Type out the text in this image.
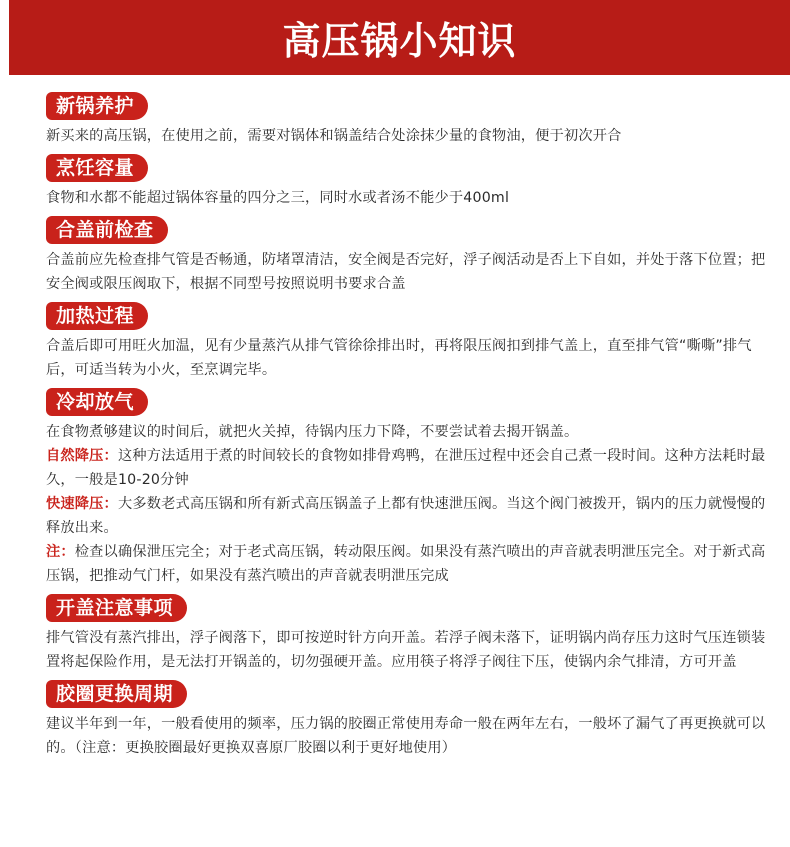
高压锅小知识
新锅养护

新买来的高压锅，在使用之前，需要对锅体和锅盖结合处涂抹少量的食物油，便于初次开合

烹饪容量

食物和水都不能超过锅体容量的四分之三，同时水或者汤不能少于400ml

合盖前检查

合盖前应先检查排气管是否畅通，防堵罩清洁，安全阀是否完好，浮子阀活动是否上下自如，并处于落下位置；把安全阀或限压阀取下，根据不同型号按照说明书要求合盖

加热过程

合盖后即可用旺火加温，见有少量蒸汽从排气管徐徐排出时，再将限压阀扣到排气盖上，直至排气管“嘶嘶”排气后，可适当转为小火，至烹调完毕。

冷却放气

在食物煮够建议的时间后，就把火关掉，待锅内压力下降，不要尝试着去揭开锅盖。

自然降压：这种方法适用于煮的时间较长的食物如排骨鸡鸭，在泄压过程中还会自己煮一段时间。这种方法耗时最久，一般是10-20分钟

快速降压：大多数老式高压锅和所有新式高压锅盖子上都有快速泄压阀。当这个阀门被拨开，锅内的压力就慢慢的释放出来。

注：检查以确保泄压完全；对于老式高压锅，转动限压阀。如果没有蒸汽喷出的声音就表明泄压完全。对于新式高压锅，把推动气门杆，如果没有蒸汽喷出的声音就表明泄压完成

开盖注意事项

排气管没有蒸汽排出，浮子阀落下，即可按逆时针方向开盖。若浮子阀未落下，证明锅内尚存压力这时气压连锁装置将起保险作用，是无法打开锅盖的，切勿强硬开盖。应用筷子将浮子阀往下压，使锅内余气排清，方可开盖

胶圈更换周期

建议半年到一年，一般看使用的频率，压力锅的胶圈正常使用寿命一般在两年左右，一般坏了漏气了再更换就可以的。（注意：更换胶圈最好更换双喜原厂胶圈以利于更好地使用）
